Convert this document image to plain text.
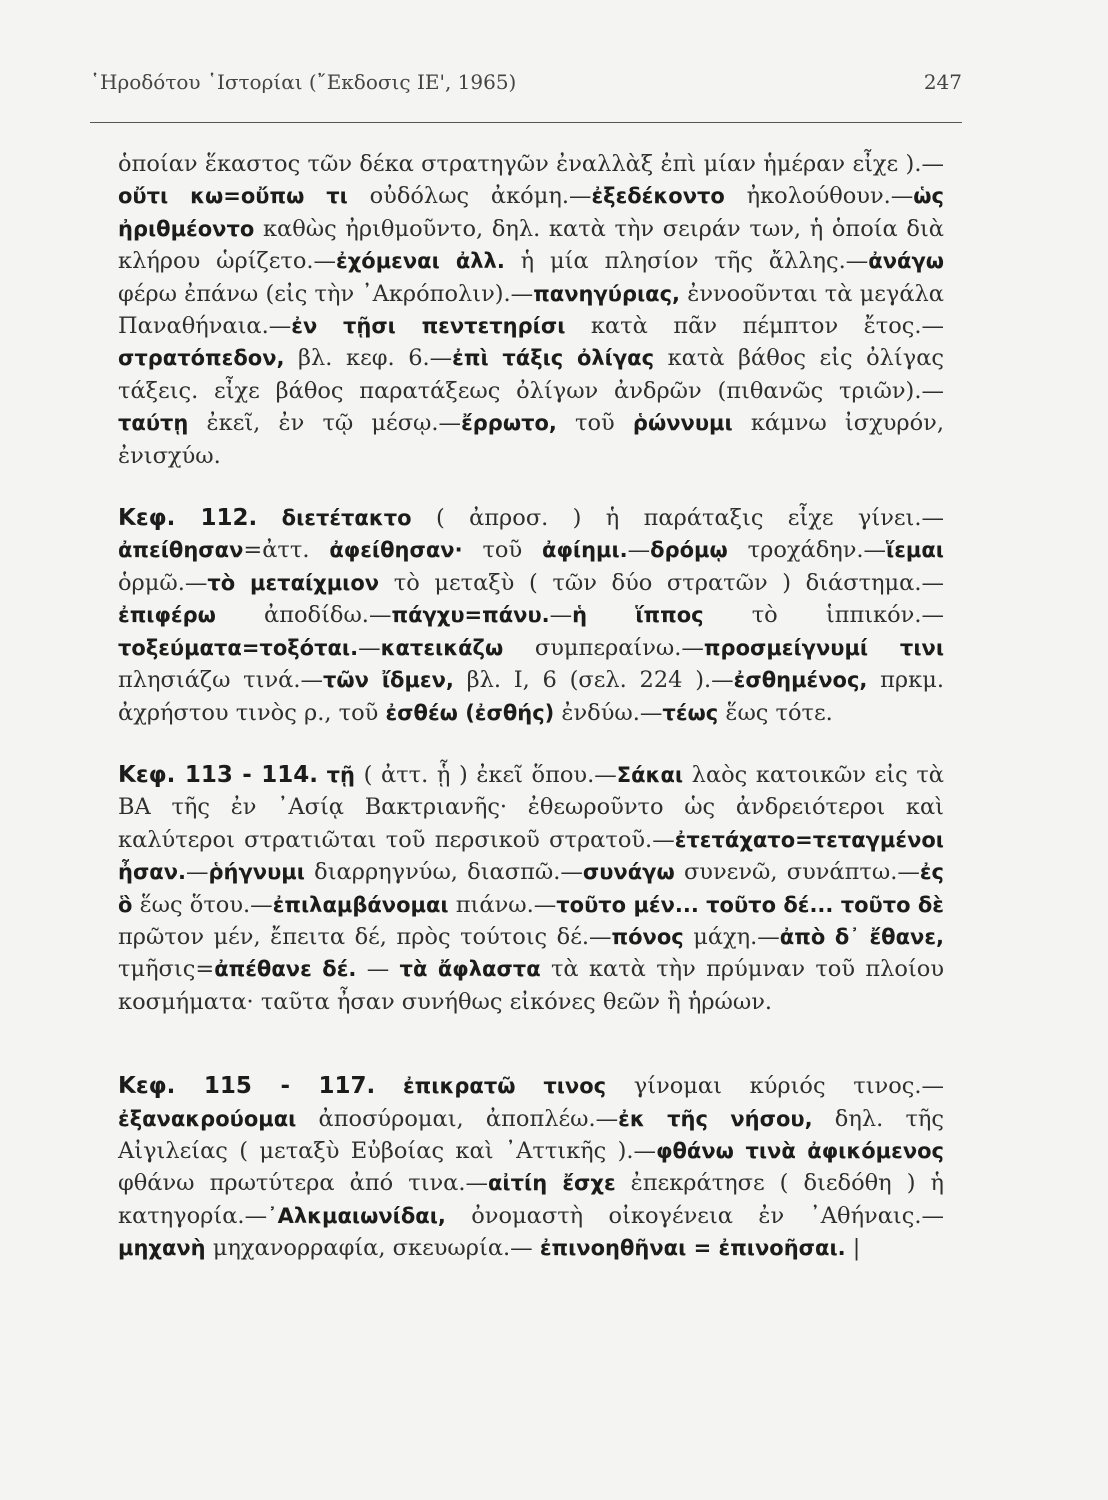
῾Ηροδότου ῾Ιστορίαι (῎Εκδοσις ΙΕ', 1965)	247

ὁποίαν ἕκαστος τῶν δέκα στρατηγῶν ἐναλλὰξ ἐπὶ μίαν ἡμέραν εἶχε ).—οὔτι κω=οὔπω τι οὐδόλως ἀκόμη.—ἐξεδέκοντο ἠκολούθουν.—ὡς ἠριθμέοντο καθὼς ἠριθμοῦντο, δηλ. κατὰ τὴν σειράν των, ἡ ὁποία διὰ κλήρου ὡρίζετο.—ἐχόμεναι ἀλλ. ἡ μία πλησίον τῆς ἄλλης.—ἀνάγω φέρω ἐπάνω (εἰς τὴν ᾿Ακρόπολιν).—πανηγύριας, ἐννοοῦνται τὰ μεγάλα Παναθήναια.—ἐν τῇσι πεντετηρίσι κατὰ πᾶν πέμπτον ἔτος.—στρατόπεδον, βλ. κεφ. 6.—ἐπὶ τάξις ὀλίγας κατὰ βάθος εἰς ὀλίγας τάξεις. εἶχε βάθος παρατάξεως ὀλίγων ἀνδρῶν (πιθανῶς τριῶν).—ταύτῃ ἐκεῖ, ἐν τῷ μέσῳ.—ἔρρωτο, τοῦ ῥώννυμι κάμνω ἰσχυρόν, ἐνισχύω.

Κεφ. 112. διετέτακτο ( ἀπροσ. ) ἡ παράταξις εἶχε γίνει.—ἀπείθησαν=ἀττ. ἀφείθησαν· τοῦ ἀφίημι.—δρόμῳ τροχάδην.—ἵεμαι ὁρμῶ.—τὸ μεταίχμιον τὸ μεταξὺ ( τῶν δύο στρατῶν ) διάστημα.— ἐπιφέρω ἀποδίδω.—πάγχυ=πάνυ.—ἡ ἵππος τὸ ἱππικόν.—τοξεύματα=τοξόται.—κατεικάζω συμπεραίνω.—προσμείγνυμί τινι πλησιάζω τινά.—τῶν ἴδμεν, βλ. I, 6 (σελ. 224 ).—ἐσθημένος, πρκμ. ἀχρήστου τινὸς ρ., τοῦ ἐσθέω (ἐσθής) ἐνδύω.—τέως ἕως τότε.

Κεφ. 113 - 114. τῇ ( ἀττ. ᾗ ) ἐκεῖ ὅπου.—Σάκαι λαὸς κατοικῶν εἰς τὰ ΒΑ τῆς ἐν ᾿Ασίᾳ Βακτριανῆς· ἐθεωροῦντο ὡς ἀνδρειότεροι καὶ καλύτεροι στρατιῶται τοῦ περσικοῦ στρατοῦ.—ἐτετάχατο=τεταγμένοι ἦσαν.—ῥήγνυμι διαρρηγνύω, διασπῶ.—συνάγω συνενῶ, συνάπτω.—ἐς ὃ ἕως ὅτου.—ἐπιλαμβάνομαι πιάνω.—τοῦτο μέν... τοῦτο δέ... τοῦτο δὲ πρῶτον μέν, ἔπειτα δέ, πρὸς τούτοις δέ.—πόνος μάχη.—ἀπὸ δ᾿ ἔθανε, τμῆσις=ἀπέθανε δέ. — τὰ ἄφλαστα τὰ κατὰ τὴν πρύμναν τοῦ πλοίου κοσμήματα· ταῦτα ἦσαν συνήθως εἰκόνες θεῶν ἢ ἡρώων.

Κεφ. 115 - 117. ἐπικρατῶ τινος γίνομαι κύριός τινος.—ἐξανακρούομαι ἀποσύρομαι, ἀποπλέω.—ἐκ τῆς νήσου, δηλ. τῆς Αἰγιλείας ( μεταξὺ Εὐβοίας καὶ ᾿Αττικῆς ).—φθάνω τινὰ ἀφικόμενος φθάνω πρωτύτερα ἀπό τινα.—αἰτίη ἔσχε ἐπεκράτησε ( διεδόθη ) ἡ κατηγορία.—᾿Αλκμαιωνίδαι, ὀνομαστὴ οἰκογένεια ἐν ᾿Αθήναις.—μηχανὴ μηχανορραφία, σκευωρία.— ἐπινοηθῆναι = ἐπινοῆσαι. |
